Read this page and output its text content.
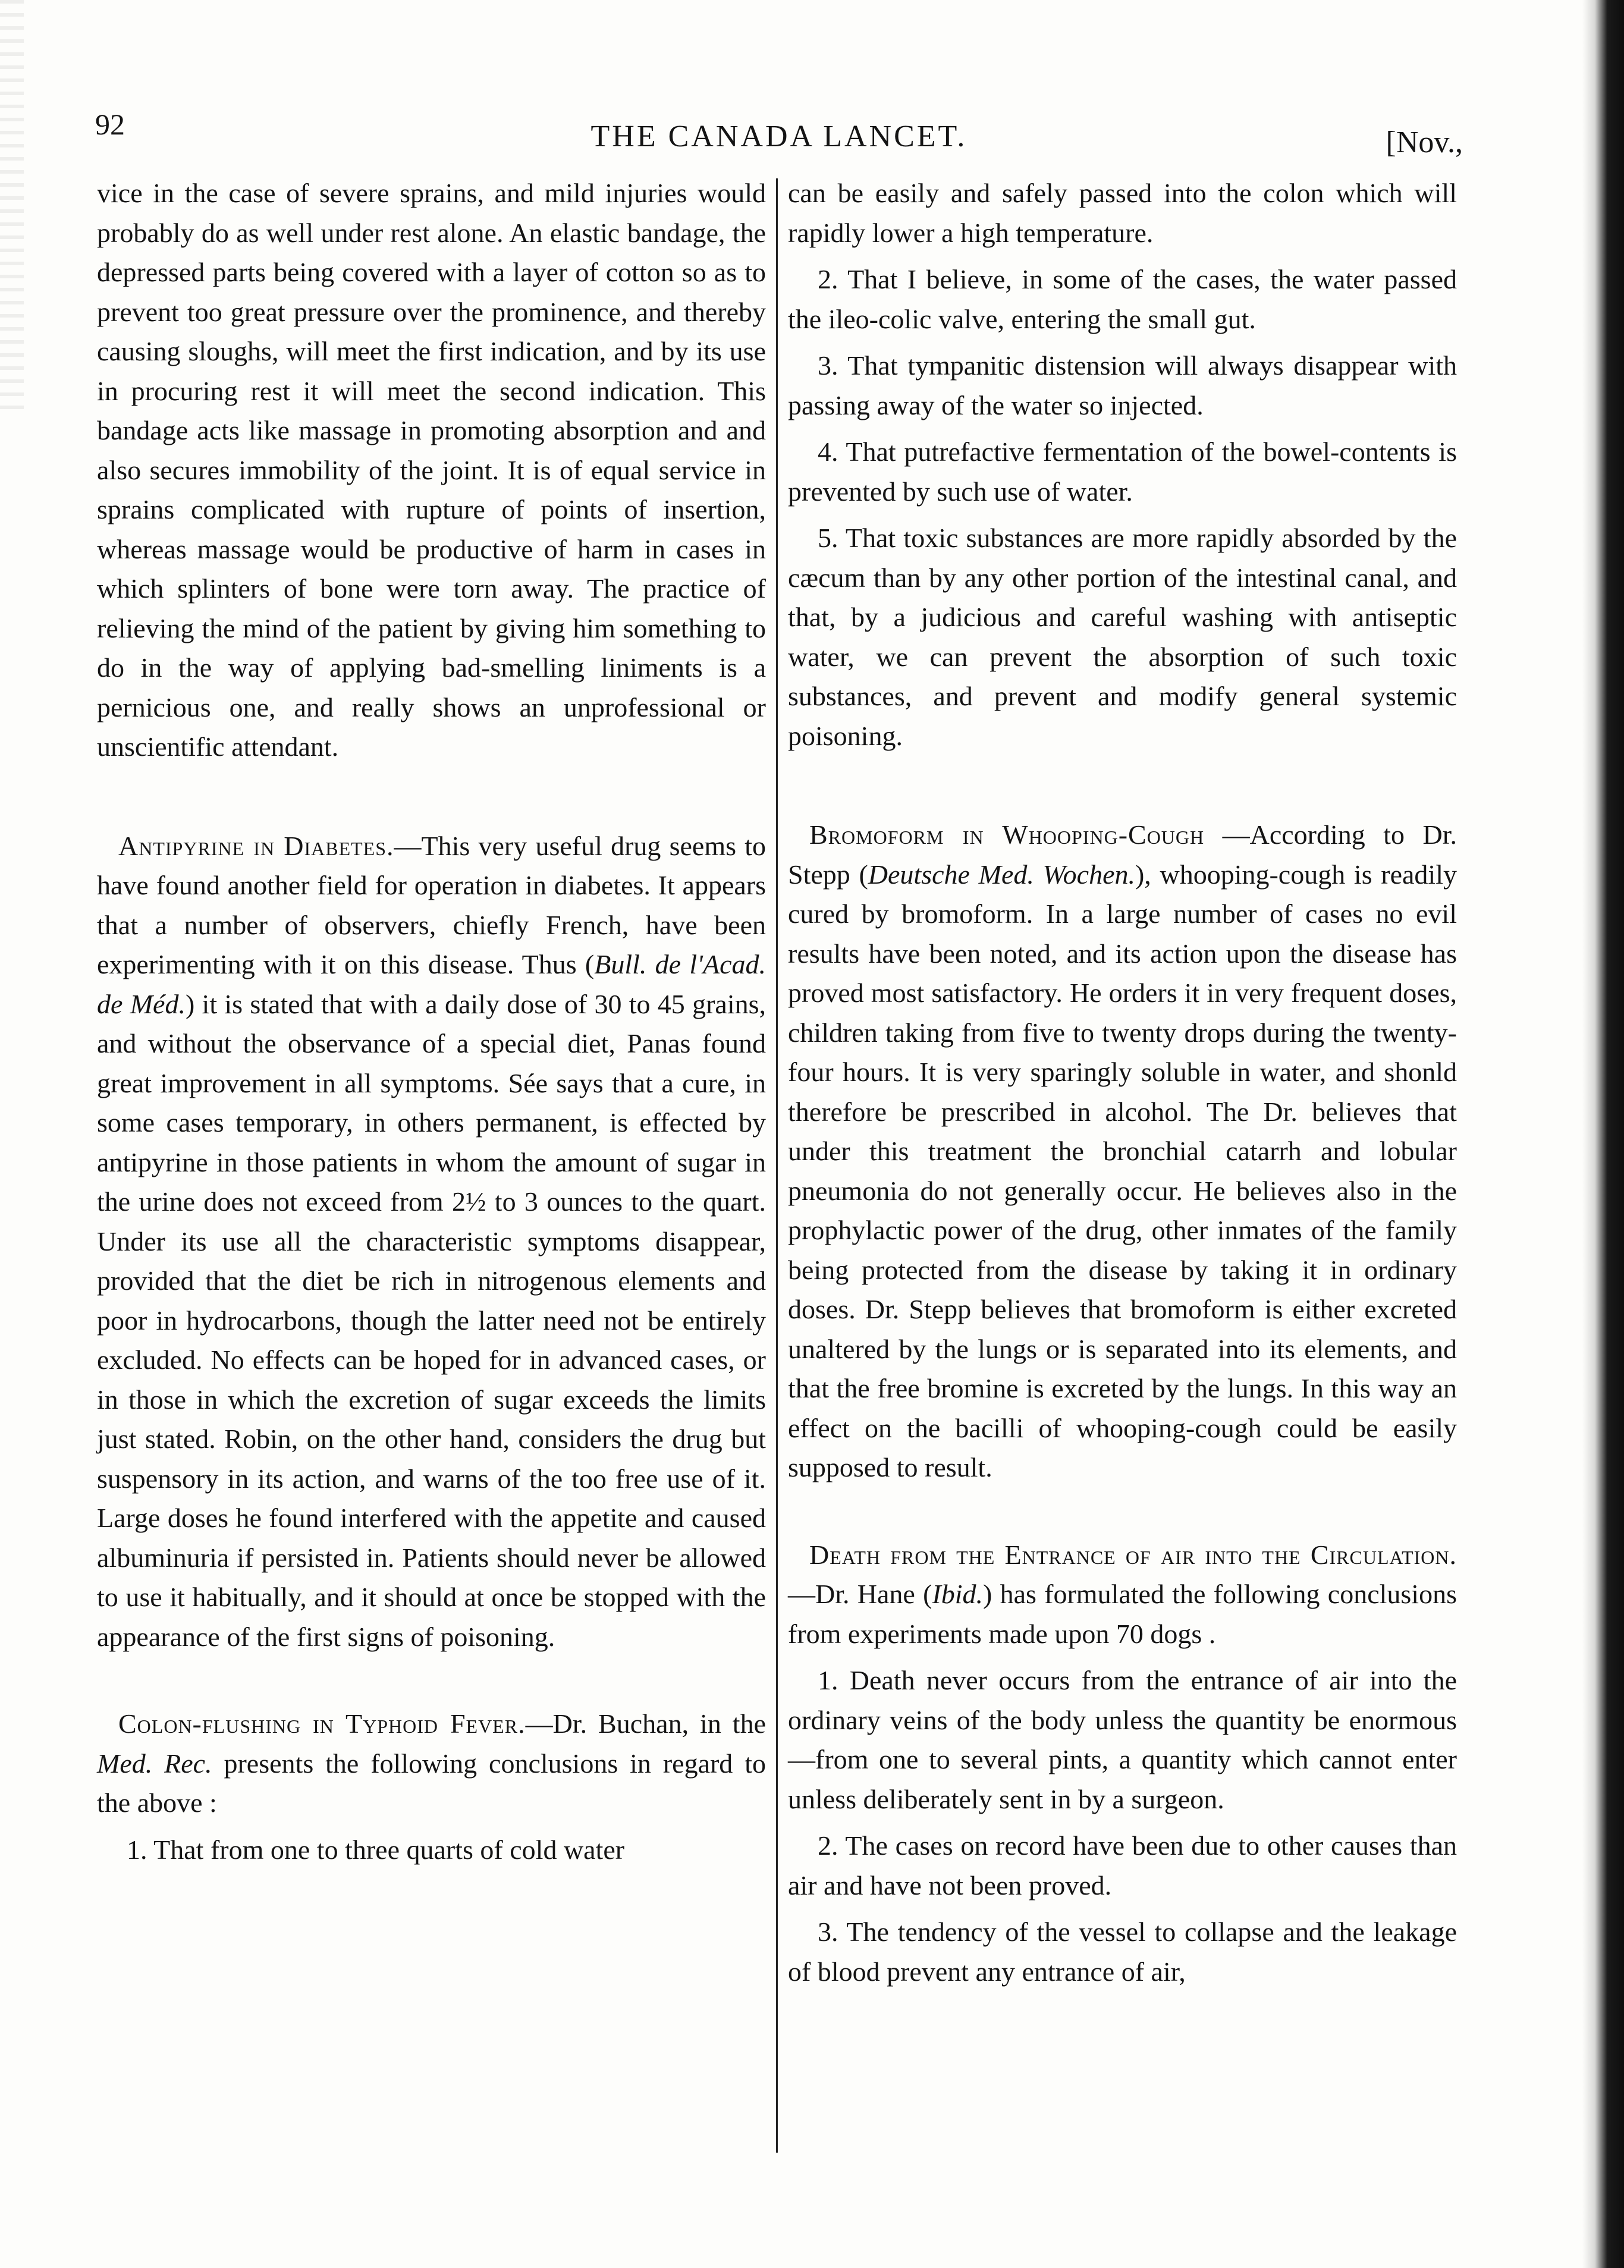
92	THE CANADA LANCET.	[Nov.,

vice in the case of severe sprains, and mild injuries would probably do as well under rest alone. An elastic bandage, the depressed parts being covered with a layer of cotton so as to prevent too great pressure over the prominence, and thereby causing sloughs, will meet the first indication, and by its use in procuring rest it will meet the second indication. This bandage acts like massage in promoting absorption and and also secures immobility of the joint. It is of equal service in sprains complicated with rupture of points of insertion, whereas massage would be productive of harm in cases in which splinters of bone were torn away. The practice of relieving the mind of the patient by giving him something to do in the way of applying bad-smelling liniments is a pernicious one, and really shows an unprofessional or unscientific attendant.

Antipyrine in Diabetes.—This very useful drug seems to have found another field for operation in diabetes. It appears that a number of observers, chiefly French, have been experimenting with it on this disease. Thus (Bull. de l'Acad. de Méd.) it is stated that with a daily dose of 30 to 45 grains, and without the observance of a special diet, Panas found great improvement in all symptoms. Sée says that a cure, in some cases temporary, in others permanent, is effected by antipyrine in those patients in whom the amount of sugar in the urine does not exceed from 2½ to 3 ounces to the quart. Under its use all the characteristic symptoms disappear, provided that the diet be rich in nitrogenous elements and poor in hydrocarbons, though the latter need not be entirely excluded. No effects can be hoped for in advanced cases, or in those in which the excretion of sugar exceeds the limits just stated. Robin, on the other hand, considers the drug but suspensory in its action, and warns of the too free use of it. Large doses he found interfered with the appetite and caused albuminuria if persisted in. Patients should never be allowed to use it habitually, and it should at once be stopped with the appearance of the first signs of poisoning.

Colon-flushing in Typhoid Fever.—Dr. Buchan, in the Med. Rec. presents the following conclusions in regard to the above :

1. That from one to three quarts of cold water

can be easily and safely passed into the colon which will rapidly lower a high temperature.

2. That I believe, in some of the cases, the water passed the ileo-colic valve, entering the small gut.

3. That tympanitic distension will always disappear with passing away of the water so injected.

4. That putrefactive fermentation of the bowel-contents is prevented by such use of water.

5. That toxic substances are more rapidly absorded by the cæcum than by any other portion of the intestinal canal, and that, by a judicious and careful washing with antiseptic water, we can prevent the absorption of such toxic substances, and prevent and modify general systemic poisoning.

Bromoform in Whooping-Cough —According to Dr. Stepp (Deutsche Med. Wochen.), whooping-cough is readily cured by bromoform. In a large number of cases no evil results have been noted, and its action upon the disease has proved most satisfactory. He orders it in very frequent doses, children taking from five to twenty drops during the twenty-four hours. It is very sparingly soluble in water, and shonld therefore be prescribed in alcohol. The Dr. believes that under this treatment the bronchial catarrh and lobular pneumonia do not generally occur. He believes also in the prophylactic power of the drug, other inmates of the family being protected from the disease by taking it in ordinary doses. Dr. Stepp believes that bromoform is either excreted unaltered by the lungs or is separated into its elements, and that the free bromine is excreted by the lungs. In this way an effect on the bacilli of whooping-cough could be easily supposed to result.

Death from the Entrance of air into the Circulation.—Dr. Hane (Ibid.) has formulated the following conclusions from experiments made upon 70 dogs .

1. Death never occurs from the entrance of air into the ordinary veins of the body unless the quantity be enormous—from one to several pints, a quantity which cannot enter unless deliberately sent in by a surgeon.

2. The cases on record have been due to other causes than air and have not been proved.

3. The tendency of the vessel to collapse and the leakage of blood prevent any entrance of air,
